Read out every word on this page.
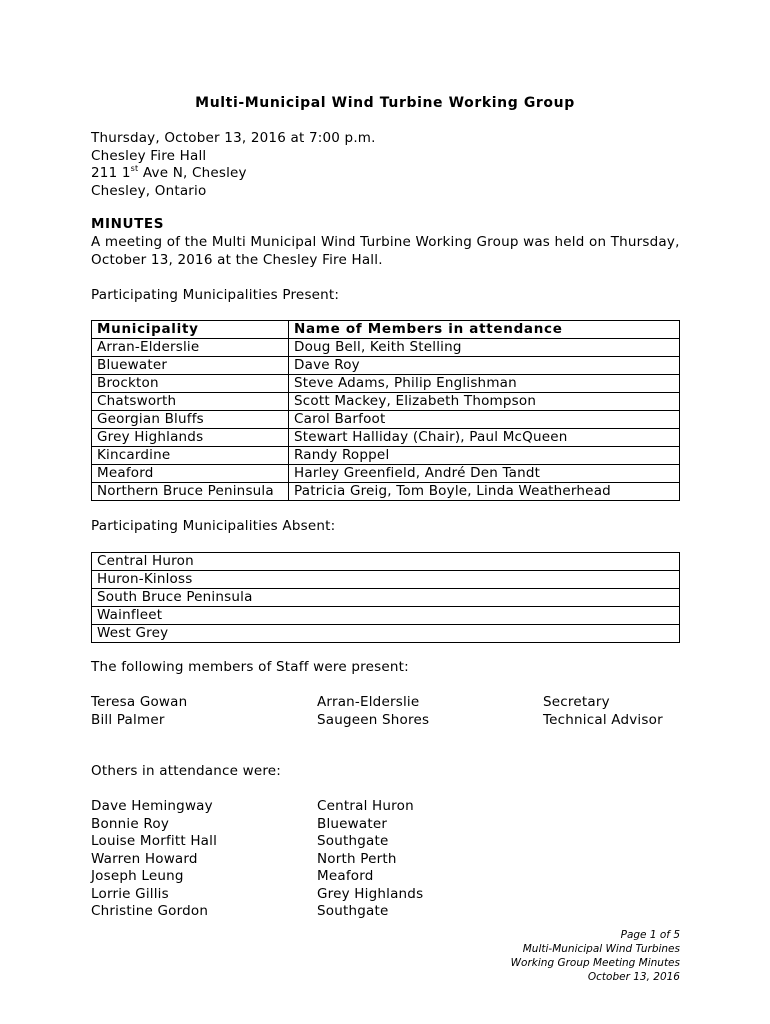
Multi-Municipal Wind Turbine Working Group
Thursday, October 13, 2016 at 7:00 p.m.
Chesley Fire Hall
211 1st Ave N, Chesley
Chesley, Ontario
MINUTES
A meeting of the Multi Municipal Wind Turbine Working Group was held on Thursday,
October 13, 2016 at the Chesley Fire Hall.
Participating Municipalities Present:
Municipality	Name of Members in attendance
Arran-Elderslie	Doug Bell, Keith Stelling
Bluewater	Dave Roy
Brockton	Steve Adams, Philip Englishman
Chatsworth	Scott Mackey, Elizabeth Thompson
Georgian Bluffs	Carol Barfoot
Grey Highlands	Stewart Halliday (Chair), Paul McQueen
Kincardine	Randy Roppel
Meaford	Harley Greenfield, André Den Tandt
Northern Bruce Peninsula	Patricia Greig, Tom Boyle, Linda Weatherhead
Participating Municipalities Absent:
Central Huron
Huron-Kinloss
South Bruce Peninsula
Wainfleet
West Grey
The following members of Staff were present:
Teresa Gowan	Arran-Elderslie	Secretary
Bill Palmer	Saugeen Shores	Technical Advisor
Others in attendance were:
Dave Hemingway	Central Huron
Bonnie Roy	Bluewater
Louise Morfitt Hall	Southgate
Warren Howard	North Perth
Joseph Leung	Meaford
Lorrie Gillis	Grey Highlands
Christine Gordon	Southgate
Page 1 of 5
Multi-Municipal Wind Turbines
Working Group Meeting Minutes
October 13, 2016
